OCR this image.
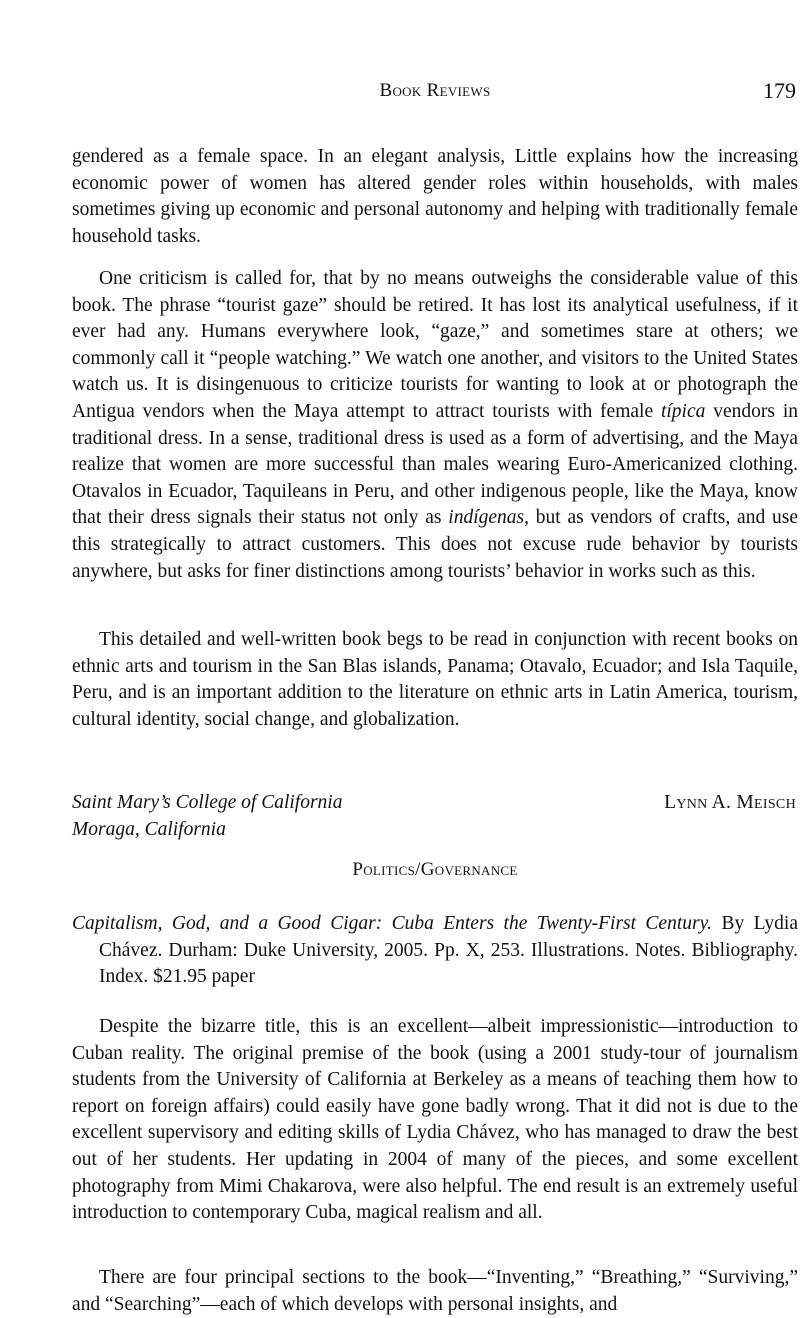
Book Reviews	179

gendered as a female space. In an elegant analysis, Little explains how the increasing economic power of women has altered gender roles within households, with males sometimes giving up economic and personal autonomy and helping with traditionally female household tasks.

One criticism is called for, that by no means outweighs the considerable value of this book. The phrase “tourist gaze” should be retired. It has lost its analytical usefulness, if it ever had any. Humans everywhere look, “gaze,” and sometimes stare at others; we commonly call it “people watching.” We watch one another, and visitors to the United States watch us. It is disingenuous to criticize tourists for wanting to look at or photograph the Antigua vendors when the Maya attempt to attract tourists with female típica vendors in traditional dress. In a sense, traditional dress is used as a form of advertising, and the Maya realize that women are more successful than males wearing Euro-Americanized clothing. Otavalos in Ecuador, Taquileans in Peru, and other indigenous people, like the Maya, know that their dress signals their status not only as indígenas, but as vendors of crafts, and use this strategically to attract customers. This does not excuse rude behavior by tourists anywhere, but asks for finer distinctions among tourists’ behavior in works such as this.

This detailed and well-written book begs to be read in conjunction with recent books on ethnic arts and tourism in the San Blas islands, Panama; Otavalo, Ecuador; and Isla Taquile, Peru, and is an important addition to the literature on ethnic arts in Latin America, tourism, cultural identity, social change, and globalization.

Saint Mary’s College of California
Moraga, California
Lynn A. Meisch
Politics/Governance
Capitalism, God, and a Good Cigar: Cuba Enters the Twenty-First Century. By Lydia Chávez. Durham: Duke University, 2005. Pp. X, 253. Illustrations. Notes. Bibliography. Index. $21.95 paper

Despite the bizarre title, this is an excellent—albeit impressionistic—introduction to Cuban reality. The original premise of the book (using a 2001 study-tour of journalism students from the University of California at Berkeley as a means of teaching them how to report on foreign affairs) could easily have gone badly wrong. That it did not is due to the excellent supervisory and editing skills of Lydia Chávez, who has managed to draw the best out of her students. Her updating in 2004 of many of the pieces, and some excellent photography from Mimi Chakarova, were also helpful. The end result is an extremely useful introduction to contemporary Cuba, magical realism and all.

There are four principal sections to the book—“Inventing,” “Breathing,” “Surviving,” and “Searching”—each of which develops with personal insights, and
